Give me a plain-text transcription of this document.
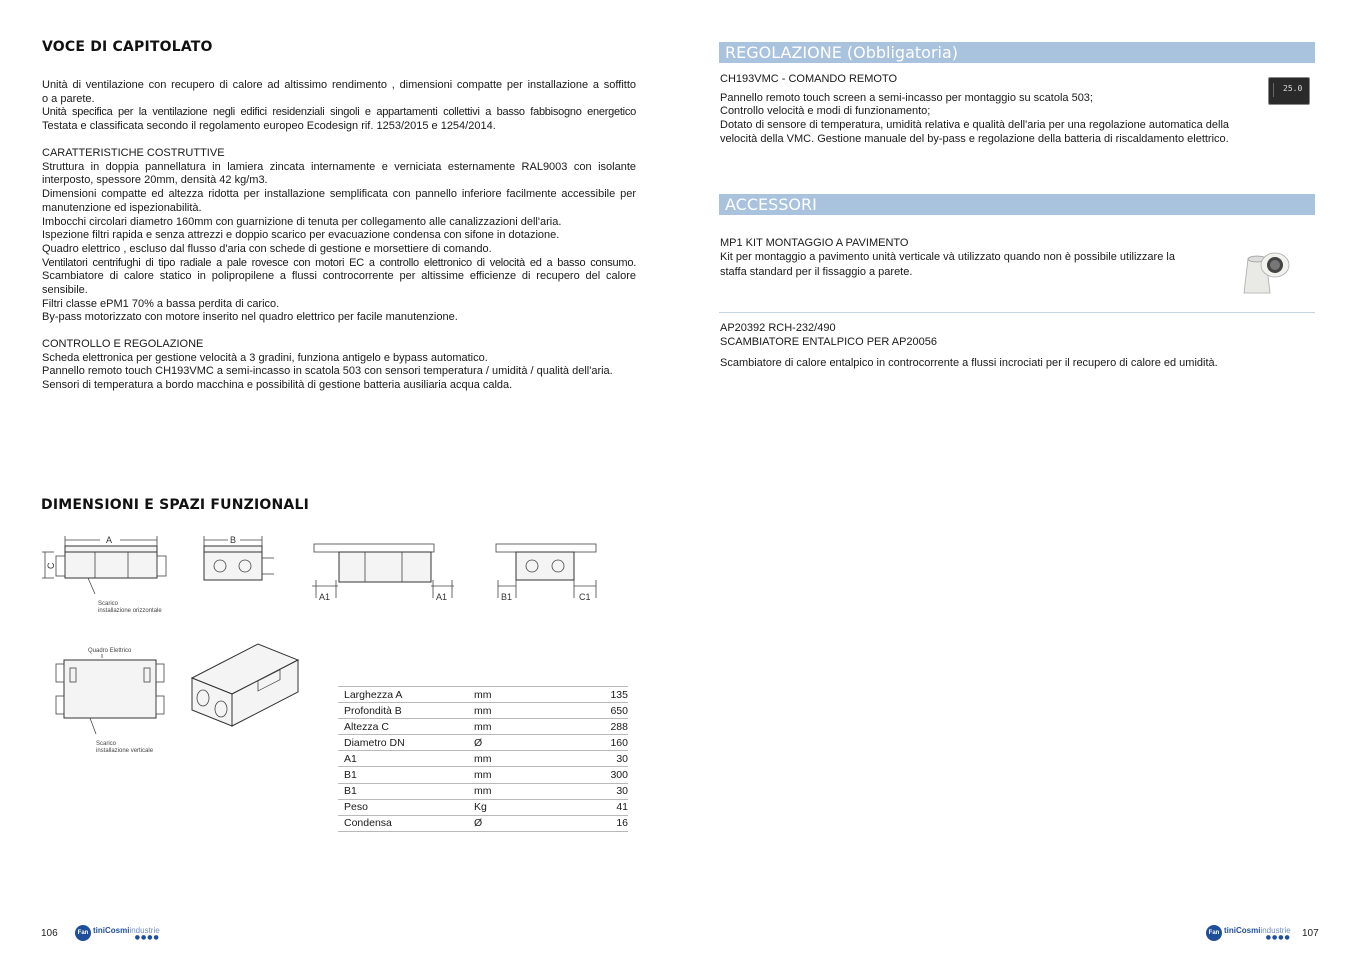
VOCE DI CAPITOLATO
Unità di ventilazione con recupero di calore ad altissimo rendimento , dimensioni compatte per installazione a soffitto
o a parete.
Unità specifica per la ventilazione negli edifici residenziali singoli e appartamenti collettivi a basso fabbisogno energetico
Testata e classificata secondo il regolamento europeo Ecodesign rif. 1253/2015 e 1254/2014.
CARATTERISTICHE COSTRUTTIVE
Struttura in doppia pannellatura in lamiera zincata internamente e verniciata esternamente RAL9003 con isolante
interposto, spessore 20mm, densità 42 kg/m3.
Dimensioni compatte ed altezza ridotta per installazione semplificata con pannello inferiore facilmente accessibile per
manutenzione ed ispezionabilità.
Imbocchi circolari diametro 160mm con guarnizione di tenuta per collegamento alle canalizzazioni dell'aria.
Ispezione filtri rapida e senza attrezzi e doppio scarico per evacuazione condensa con sifone in dotazione.
Quadro elettrico , escluso dal flusso d'aria con schede di gestione e morsettiere di comando.
Ventilatori centrifughi di tipo radiale a pale rovesce con motori EC a controllo elettronico di velocità ed a basso consumo.
Scambiatore di calore statico in polipropilene a flussi controcorrente per altissime efficienze di recupero del calore
sensibile.
Filtri classe ePM1 70% a bassa perdita di carico.
By-pass motorizzato con motore inserito nel quadro elettrico per facile manutenzione.
CONTROLLO E REGOLAZIONE
Scheda elettronica per gestione velocità a 3 gradini, funziona antigelo e bypass automatico.
Pannello remoto touch CH193VMC a semi-incasso in scatola 503 con sensori temperatura / umidità / qualità dell'aria.
Sensori di temperatura a bordo macchina e possibilità di gestione batteria ausiliaria acqua calda.
DIMENSIONI E SPAZI FUNZIONALI
A
C
Scarico
installazione orizzontale
B
A1	A1	B1	C1
Quadro Elettrico
Scarico
installazione verticale
Larghezza A	mm	135
Profondità B	mm	650
Altezza C	mm	288
Diametro DN	Ø	160
A1	mm	30
B1	mm	300
B1	mm	30
Peso	Kg	41
Condensa	Ø	16
106	Fan tiniCosmiindustrie
●●●●
REGOLAZIONE (Obbligatoria)
CH193VMC - COMANDO REMOTO
Pannello remoto touch screen a semi-incasso per montaggio su scatola 503;
Controllo velocità e modi di funzionamento;
Dotato di sensore di temperatura, umidità relativa e qualità dell'aria per una regolazione automatica della
velocità della VMC. Gestione manuale del by-pass e regolazione della batteria di riscaldamento elettrico.
25.0
ACCESSORI
MP1 KIT MONTAGGIO A PAVIMENTO
Kit per montaggio a pavimento unità verticale và utilizzato quando non è possibile utilizzare la
staffa standard per il fissaggio a parete.
AP20392 RCH-232/490
SCAMBIATORE ENTALPICO PER AP20056
Scambiatore di calore entalpico in controcorrente a flussi incrociati per il recupero di calore ed umidità.
Fan tiniCosmiindustrie
●●●● 107
